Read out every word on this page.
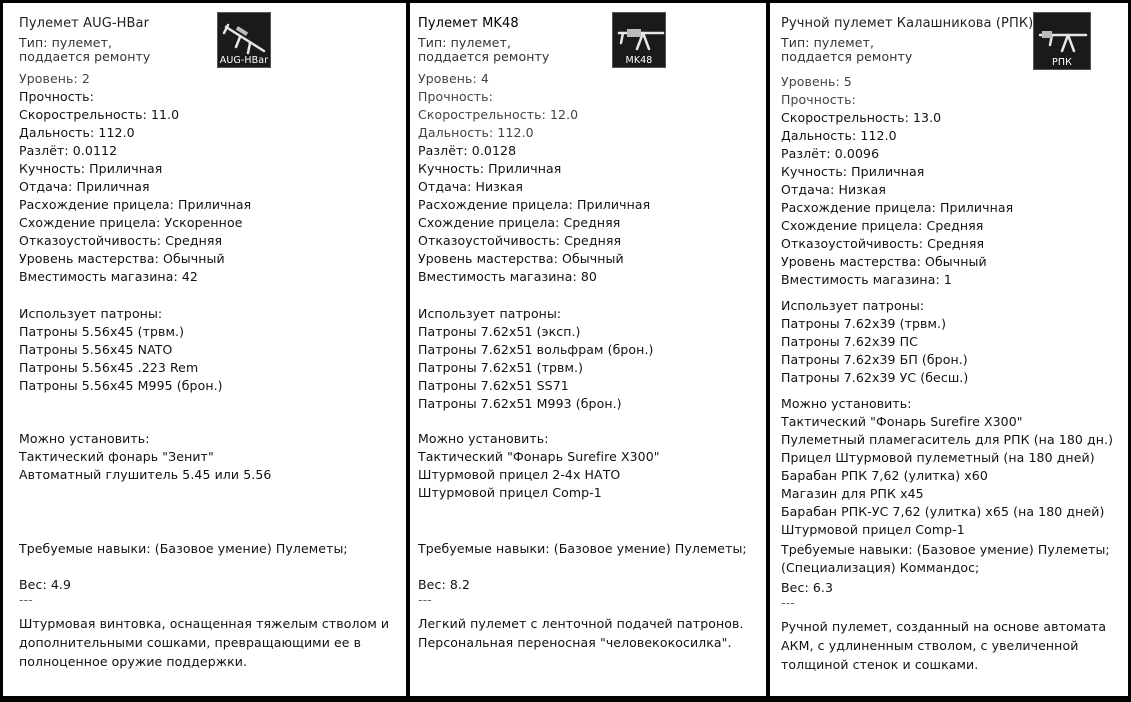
Пулемет AUG-HBar
Тип: пулемет,
поддается ремонту	AUG-HBar
Уровень: 2
Прочность:
Скорострельность: 11.0
Дальность: 112.0
Разлёт: 0.0112
Кучность: Приличная
Отдача: Приличная
Расхождение прицела: Приличная
Схождение прицела: Ускоренное
Отказоустойчивость: Средняя
Уровень мастерства: Обычный
Вместимость магазина: 42
Использует патроны:
Патроны 5.56x45 (трвм.)
Патроны 5.56x45 NATO
Патроны 5.56x45 .223 Rem
Патроны 5.56x45 M995 (брон.)
Можно установить:
Тактический фонарь "Зенит"
Автоматный глушитель 5.45 или 5.56
Требуемые навыки: (Базовое умение) Пулеметы;
Вес: 4.9
---
Штурмовая винтовка, оснащенная тяжелым стволом и
дополнительными сошками, превращающими ее в
полноценное оружие поддержки.
Пулемет MK48
Тип: пулемет,
поддается ремонту	MK48
Уровень: 4
Прочность:
Скорострельность: 12.0
Дальность: 112.0
Разлёт: 0.0128
Кучность: Приличная
Отдача: Низкая
Расхождение прицела: Приличная
Схождение прицела: Средняя
Отказоустойчивость: Средняя
Уровень мастерства: Обычный
Вместимость магазина: 80
Использует патроны:
Патроны 7.62x51 (эксп.)
Патроны 7.62x51 вольфрам (брон.)
Патроны 7.62x51 (трвм.)
Патроны 7.62x51 SS71
Патроны 7.62x51 M993 (брон.)
Можно установить:
Тактический "Фонарь Surefire X300"
Штурмовой прицел 2-4x НАТО
Штурмовой прицел Comp-1
Требуемые навыки: (Базовое умение) Пулеметы;
Вес: 8.2
---
Легкий пулемет с ленточной подачей патронов.
Персональная переносная "человекокосилка".
Ручной пулемет Калашникова (РПК)
Тип: пулемет,
поддается ремонту	РПК
Уровень: 5
Прочность:
Скорострельность: 13.0
Дальность: 112.0
Разлёт: 0.0096
Кучность: Приличная
Отдача: Низкая
Расхождение прицела: Приличная
Схождение прицела: Средняя
Отказоустойчивость: Средняя
Уровень мастерства: Обычный
Вместимость магазина: 1
Использует патроны:
Патроны 7.62x39 (трвм.)
Патроны 7.62x39 ПС
Патроны 7.62x39 БП (брон.)
Патроны 7.62x39 УС (бесш.)
Можно установить:
Тактический "Фонарь Surefire X300"
Пулеметный пламегаситель для РПК (на 180 дн.)
Прицел Штурмовой пулеметный (на 180 дней)
Барабан РПК 7,62 (улитка) x60
Магазин для РПК x45
Барабан РПК-УС 7,62 (улитка) x65 (на 180 дней)
Штурмовой прицел Comp-1
Требуемые навыки: (Базовое умение) Пулеметы;
(Специализация) Коммандос;
Вес: 6.3
---
Ручной пулемет, созданный на основе автомата
АКМ, с удлиненным стволом, с увеличенной
толщиной стенок и сошками.
